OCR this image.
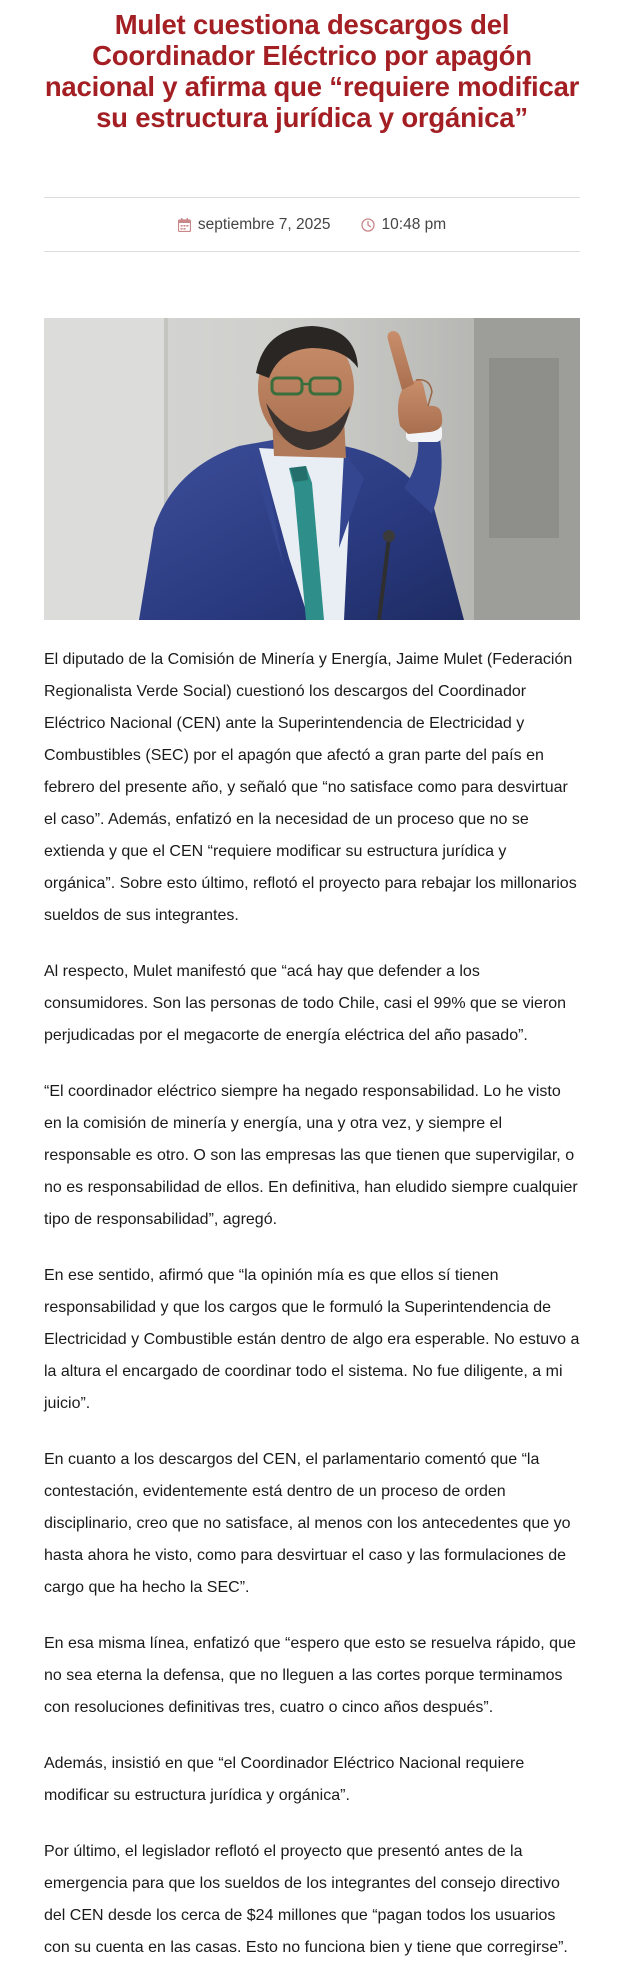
Mulet cuestiona descargos del Coordinador Eléctrico por apagón nacional y afirma que “requiere modificar su estructura jurídica y orgánica”
septiembre 7, 2025	10:48 pm

El diputado de la Comisión de Minería y Energía, Jaime Mulet (Federación Regionalista Verde Social) cuestionó los descargos del Coordinador Eléctrico Nacional (CEN) ante la Superintendencia de Electricidad y Combustibles (SEC) por el apagón que afectó a gran parte del país en febrero del presente año, y señaló que “no satisface como para desvirtuar el caso”. Además, enfatizó en la necesidad de un proceso que no se extienda y que el CEN “requiere modificar su estructura jurídica y orgánica”. Sobre esto último, reflotó el proyecto para rebajar los millonarios sueldos de sus integrantes.

Al respecto, Mulet manifestó que “acá hay que defender a los consumidores. Son las personas de todo Chile, casi el 99% que se vieron perjudicadas por el megacorte de energía eléctrica del año pasado”.

“El coordinador eléctrico siempre ha negado responsabilidad. Lo he visto en la comisión de minería y energía, una y otra vez, y siempre el responsable es otro. O son las empresas las que tienen que supervigilar, o no es responsabilidad de ellos. En definitiva, han eludido siempre cualquier tipo de responsabilidad”, agregó.

En ese sentido, afirmó que “la opinión mía es que ellos sí tienen responsabilidad y que los cargos que le formuló la Superintendencia de Electricidad y Combustible están dentro de algo era esperable. No estuvo a la altura el encargado de coordinar todo el sistema. No fue diligente, a mi juicio”.

En cuanto a los descargos del CEN, el parlamentario comentó que “la contestación, evidentemente está dentro de un proceso de orden disciplinario, creo que no satisface, al menos con los antecedentes que yo hasta ahora he visto, como para desvirtuar el caso y las formulaciones de cargo que ha hecho la SEC”.

En esa misma línea, enfatizó que “espero que esto se resuelva rápido, que no sea eterna la defensa, que no lleguen a las cortes porque terminamos con resoluciones definitivas tres, cuatro o cinco años después”.

Además, insistió en que “el Coordinador Eléctrico Nacional requiere modificar su estructura jurídica y orgánica”.

Por último, el legislador reflotó el proyecto que presentó antes de la emergencia para que los sueldos de los integrantes del consejo directivo del CEN desde los cerca de $24 millones que “pagan todos los usuarios con su cuenta en las casas. Esto no funciona bien y tiene que corregirse”.
